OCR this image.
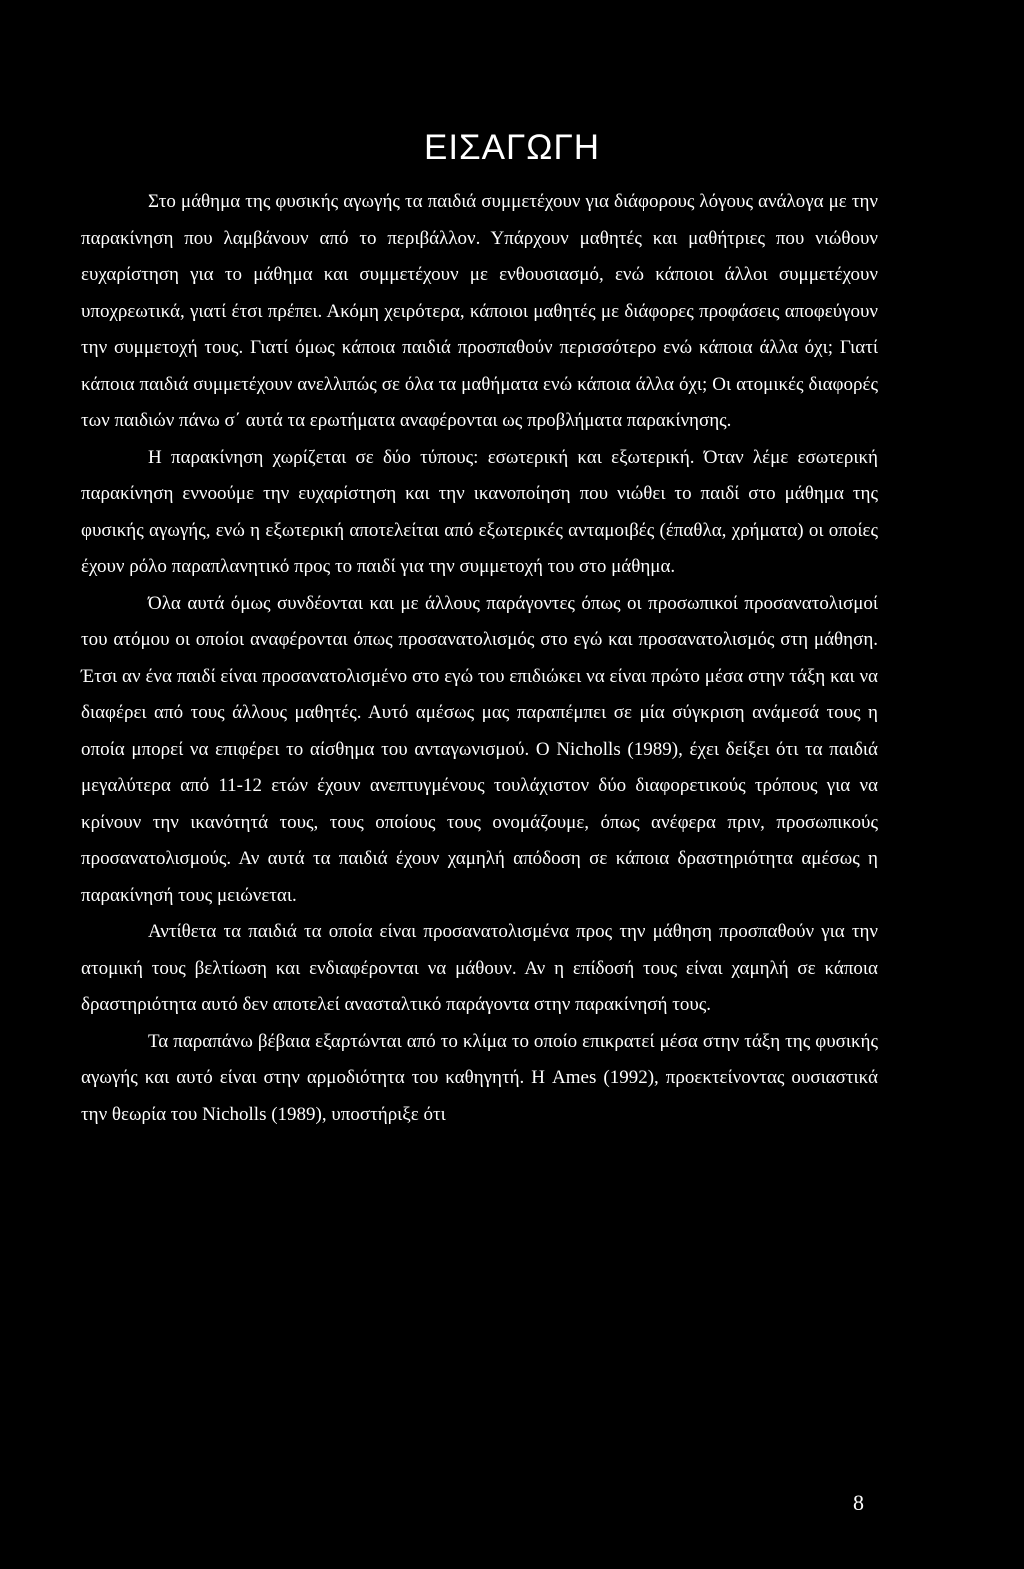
ΕΙΣΑΓΩΓΗ

Στο μάθημα της φυσικής αγωγής τα παιδιά συμμετέχουν για διάφορους λόγους ανάλογα με την παρακίνηση που λαμβάνουν από το περιβάλλον. Υπάρχουν μαθητές και μαθήτριες που νιώθουν ευχαρίστηση για το μάθημα και συμμετέχουν με ενθουσιασμό, ενώ κάποιοι άλλοι συμμετέχουν υποχρεωτικά, γιατί έτσι πρέπει. Ακόμη χειρότερα, κάποιοι μαθητές με διάφορες προφάσεις αποφεύγουν την συμμετοχή τους. Γιατί όμως κάποια παιδιά προσπαθούν περισσότερο ενώ κάποια άλλα όχι; Γιατί κάποια παιδιά συμμετέχουν ανελλιπώς σε όλα τα μαθήματα ενώ κάποια άλλα όχι; Οι ατομικές διαφορές των παιδιών πάνω σ΄ αυτά τα ερωτήματα αναφέρονται ως προβλήματα παρακίνησης.

Η παρακίνηση χωρίζεται σε δύο τύπους: εσωτερική και εξωτερική. Όταν λέμε εσωτερική παρακίνηση εννοούμε την ευχαρίστηση και την ικανοποίηση που νιώθει το παιδί στο μάθημα της φυσικής αγωγής, ενώ η εξωτερική αποτελείται από εξωτερικές ανταμοιβές (έπαθλα, χρήματα) οι οποίες έχουν ρόλο παραπλανητικό προς το παιδί για την συμμετοχή του στο μάθημα.

Όλα αυτά όμως συνδέονται και με άλλους παράγοντες όπως οι προσωπικοί προσανατολισμοί του ατόμου οι οποίοι αναφέρονται όπως προσανατολισμός στο εγώ και προσανατολισμός στη μάθηση. Έτσι αν ένα παιδί είναι προσανατολισμένο στο εγώ του επιδιώκει να είναι πρώτο μέσα στην τάξη και να διαφέρει από τους άλλους μαθητές. Αυτό αμέσως μας παραπέμπει σε μία σύγκριση ανάμεσά τους η οποία μπορεί να επιφέρει το αίσθημα του ανταγωνισμού. Ο Nicholls (1989), έχει δείξει ότι τα παιδιά μεγαλύτερα από 11-12 ετών έχουν ανεπτυγμένους τουλάχιστον δύο διαφορετικούς τρόπους για να κρίνουν την ικανότητά τους, τους οποίους τους ονομάζουμε, όπως ανέφερα πριν, προσωπικούς προσανατολισμούς. Αν αυτά τα παιδιά έχουν χαμηλή απόδοση σε κάποια δραστηριότητα αμέσως η παρακίνησή τους μειώνεται.

Αντίθετα τα παιδιά τα οποία είναι προσανατολισμένα προς την μάθηση προσπαθούν για την ατομική τους βελτίωση και ενδιαφέρονται να μάθουν. Αν η επίδοσή τους είναι χαμηλή σε κάποια δραστηριότητα αυτό δεν αποτελεί ανασταλτικό παράγοντα στην παρακίνησή τους.

Τα παραπάνω βέβαια εξαρτώνται από το κλίμα το οποίο επικρατεί μέσα στην τάξη της φυσικής αγωγής και αυτό είναι στην αρμοδιότητα του καθηγητή. Η Ames (1992), προεκτείνοντας ουσιαστικά την θεωρία του Nicholls (1989), υποστήριξε ότι

8
